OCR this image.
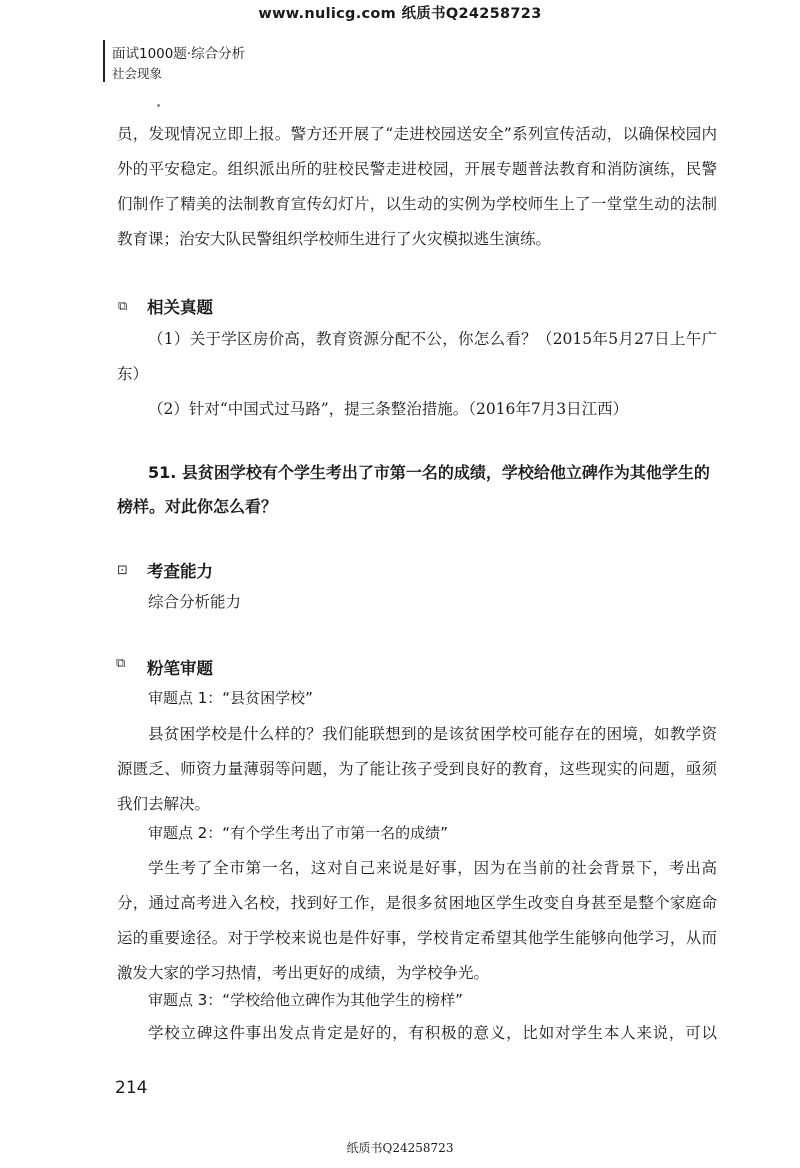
www.nulicg.com 纸质书Q24258723
面试1000题·综合分析
社会现象
员，发现情况立即上报。警方还开展了“走进校园送安全”系列宣传活动，以确保校园内外的平安稳定。组织派出所的驻校民警走进校园，开展专题普法教育和消防演练，民警们制作了精美的法制教育宣传幻灯片，以生动的实例为学校师生上了一堂堂生动的法制教育课；治安大队民警组织学校师生进行了火灾模拟逃生演练。
⧉ 相关真题
（1）关于学区房价高，教育资源分配不公，你怎么看？（2015年5月27日上午广东）
（2）针对“中国式过马路”，提三条整治措施。（2016年7月3日江西）
51. 县贫困学校有个学生考出了市第一名的成绩，学校给他立碑作为其他学生的榜样。对此你怎么看？
⊡ 考查能力
综合分析能力
⧉ 粉笔审题
审题点 1：“县贫困学校”
县贫困学校是什么样的？我们能联想到的是该贫困学校可能存在的困境，如教学资源匮乏、师资力量薄弱等问题，为了能让孩子受到良好的教育，这些现实的问题，亟须我们去解决。
审题点 2：“有个学生考出了市第一名的成绩”
学生考了全市第一名，这对自己来说是好事，因为在当前的社会背景下，考出高分，通过高考进入名校，找到好工作，是很多贫困地区学生改变自身甚至是整个家庭命运的重要途径。对于学校来说也是件好事，学校肯定希望其他学生能够向他学习，从而激发大家的学习热情，考出更好的成绩，为学校争光。
审题点 3：“学校给他立碑作为其他学生的榜样”
学校立碑这件事出发点肯定是好的，有积极的意义，比如对学生本人来说，可以
214
纸质书Q24258723
